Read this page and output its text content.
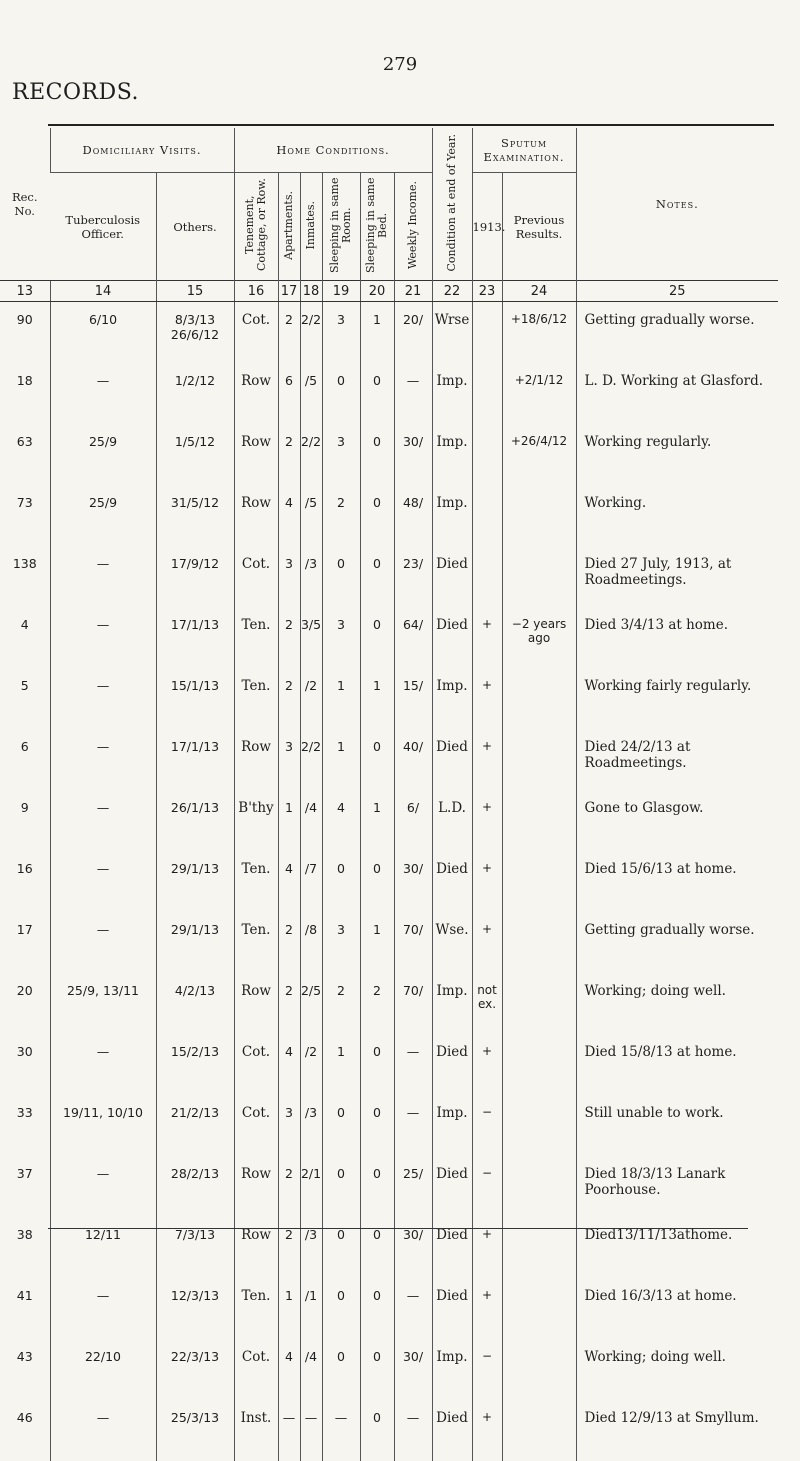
279
RECORDS.
Rec. No.	Domiciliary Visits.		Home Conditions.						Condition at end of Year.	Sputum Examination.		Notes.
	Tuberculosis Officer.	Others.	Tenement, Cottage, or Row.	Apartments.	Inmates.	Sleeping in same Room.	Sleeping in same Bed.	Weekly Income.		1913.	Previous Results.	
13	14	15	16	17	18	19	20	21	22	23	24	25
90	6/10	8/3/13 26/6/12	Cot.	2	2/2	3	1	20/	Wrse		+18/6/12	Getting gradually worse.
18	—	1/2/12	Row	6	/5	0	0	—	Imp.		+2/1/12	L. D. Working at Glasford.
63	25/9	1/5/12	Row	2	2/2	3	0	30/	Imp.		+26/4/12	Working regularly.
73	25/9	31/5/12	Row	4	/5	2	0	48/	Imp.			Working.
138	—	17/9/12	Cot.	3	/3	0	0	23/	Died			Died 27 July, 1913, at Roadmeetings.
4	—	17/1/13	Ten.	2	3/5	3	0	64/	Died	+	−2 years ago	Died 3/4/13 at home.
5	—	15/1/13	Ten.	2	/2	1	1	15/	Imp.	+		Working fairly regularly.
6	—	17/1/13	Row	3	2/2	1	0	40/	Died	+		Died 24/2/13 at Roadmeetings.
9	—	26/1/13	B'thy	1	/4	4	1	6/	L.D.	+		Gone to Glasgow.
16	—	29/1/13	Ten.	4	/7	0	0	30/	Died	+		Died 15/6/13 at home.
17	—	29/1/13	Ten.	2	/8	3	1	70/	Wse.	+		Getting gradually worse.
20	25/9, 13/11	4/2/13	Row	2	2/5	2	2	70/	Imp.	not ex.		Working; doing well.
30	—	15/2/13	Cot.	4	/2	1	0	—	Died	+		Died 15/8/13 at home.
33	19/11, 10/10	21/2/13	Cot.	3	/3	0	0	—	Imp.	−		Still unable to work.
37	—	28/2/13	Row	2	2/1	0	0	25/	Died	−		Died 18/3/13 Lanark Poorhouse.
38	12/11	7/3/13	Row	2	/3	0	0	30/	Died	+		Died13/11/13athome.
41	—	12/3/13	Ten.	1	/1	0	0	—	Died	+		Died 16/3/13 at home.
43	22/10	22/3/13	Cot.	4	/4	0	0	30/	Imp.	−		Working; doing well.
46	—	25/3/13	Inst.	—	—	—	0	—	Died	+		Died 12/9/13 at Smyllum.
